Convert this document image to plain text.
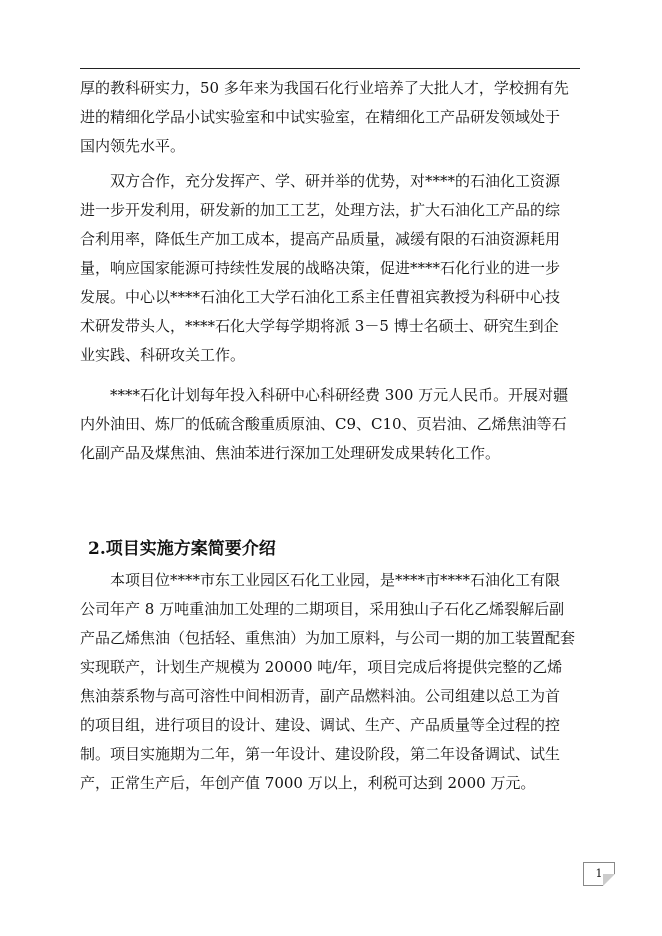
厚的教科研实力，50 多年来为我国石化行业培养了大批人才，学校拥有先
进的精细化学品小试实验室和中试实验室，在精细化工产品研发领域处于
国内领先水平。

　　双方合作，充分发挥产、学、研并举的优势，对****的石油化工资源
进一步开发利用，研发新的加工工艺，处理方法，扩大石油化工产品的综
合利用率，降低生产加工成本，提高产品质量，减缓有限的石油资源耗用
量，响应国家能源可持续性发展的战略决策，促进****石化行业的进一步
发展。中心以****石油化工大学石油化工系主任曹祖宾教授为科研中心技
术研发带头人，****石化大学每学期将派 3－5 博士名硕士、研究生到企
业实践、科研攻关工作。

　　****石化计划每年投入科研中心科研经费 300 万元人民币。开展对疆
内外油田、炼厂的低硫含酸重质原油、C9、C10、页岩油、乙烯焦油等石
化副产品及煤焦油、焦油苯进行深加工处理研发成果转化工作。

2.项目实施方案简要介绍

　　本项目位****市东工业园区石化工业园，是****市****石油化工有限
公司年产 8 万吨重油加工处理的二期项目，采用独山子石化乙烯裂解后副
产品乙烯焦油（包括轻、重焦油）为加工原料，与公司一期的加工装置配套
实现联产，计划生产规模为 20000 吨/年，项目完成后将提供完整的乙烯
焦油萘系物与高可溶性中间相沥青，副产品燃料油。公司组建以总工为首
的项目组，进行项目的设计、建设、调试、生产、产品质量等全过程的控
制。项目实施期为二年，第一年设计、建设阶段，第二年设备调试、试生
产，正常生产后，年创产值 7000 万以上，利税可达到 2000 万元。

1
